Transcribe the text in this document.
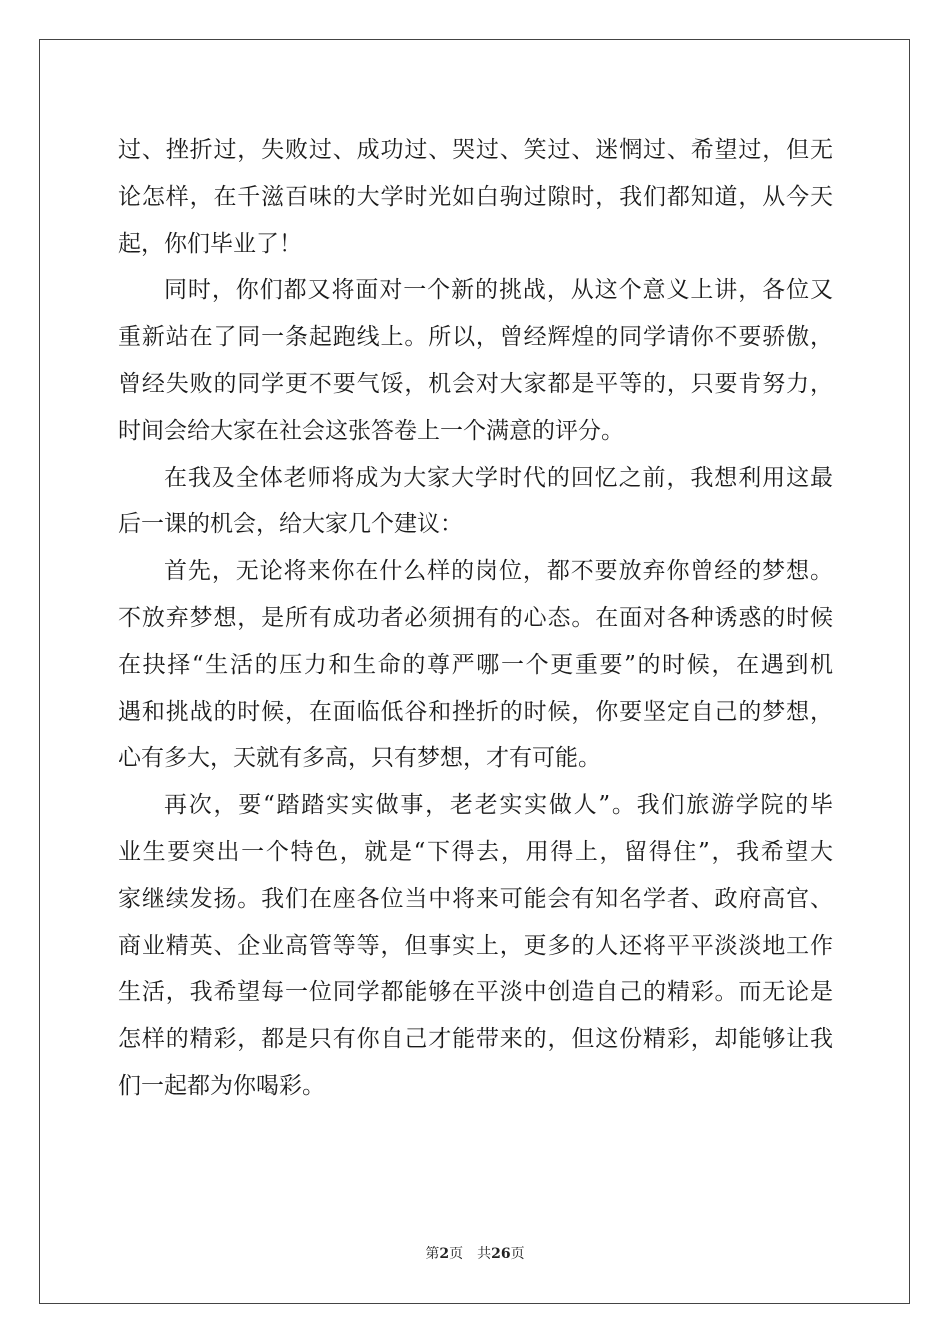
过、挫折过，失败过、成功过、哭过、笑过、迷惘过、希望过，但无
论怎样，在千滋百味的大学时光如白驹过隙时，我们都知道，从今天
起，你们毕业了！
同时，你们都又将面对一个新的挑战，从这个意义上讲，各位又
重新站在了同一条起跑线上。所以，曾经辉煌的同学请你不要骄傲，
曾经失败的同学更不要气馁，机会对大家都是平等的，只要肯努力，
时间会给大家在社会这张答卷上一个满意的评分。
在我及全体老师将成为大家大学时代的回忆之前，我想利用这最
后一课的机会，给大家几个建议：
首先，无论将来你在什么样的岗位，都不要放弃你曾经的梦想。
不放弃梦想，是所有成功者必须拥有的心态。在面对各种诱惑的时候
在抉择“生活的压力和生命的尊严哪一个更重要”的时候，在遇到机
遇和挑战的时候，在面临低谷和挫折的时候，你要坚定自己的梦想，
心有多大，天就有多高，只有梦想，才有可能。
再次，要“踏踏实实做事，老老实实做人”。我们旅游学院的毕
业生要突出一个特色，就是“下得去，用得上，留得住”，我希望大
家继续发扬。我们在座各位当中将来可能会有知名学者、政府高官、
商业精英、企业高管等等，但事实上，更多的人还将平平淡淡地工作
生活，我希望每一位同学都能够在平淡中创造自己的精彩。而无论是
怎样的精彩，都是只有你自己才能带来的，但这份精彩，却能够让我
们一起都为你喝彩。
第2页　共26页
